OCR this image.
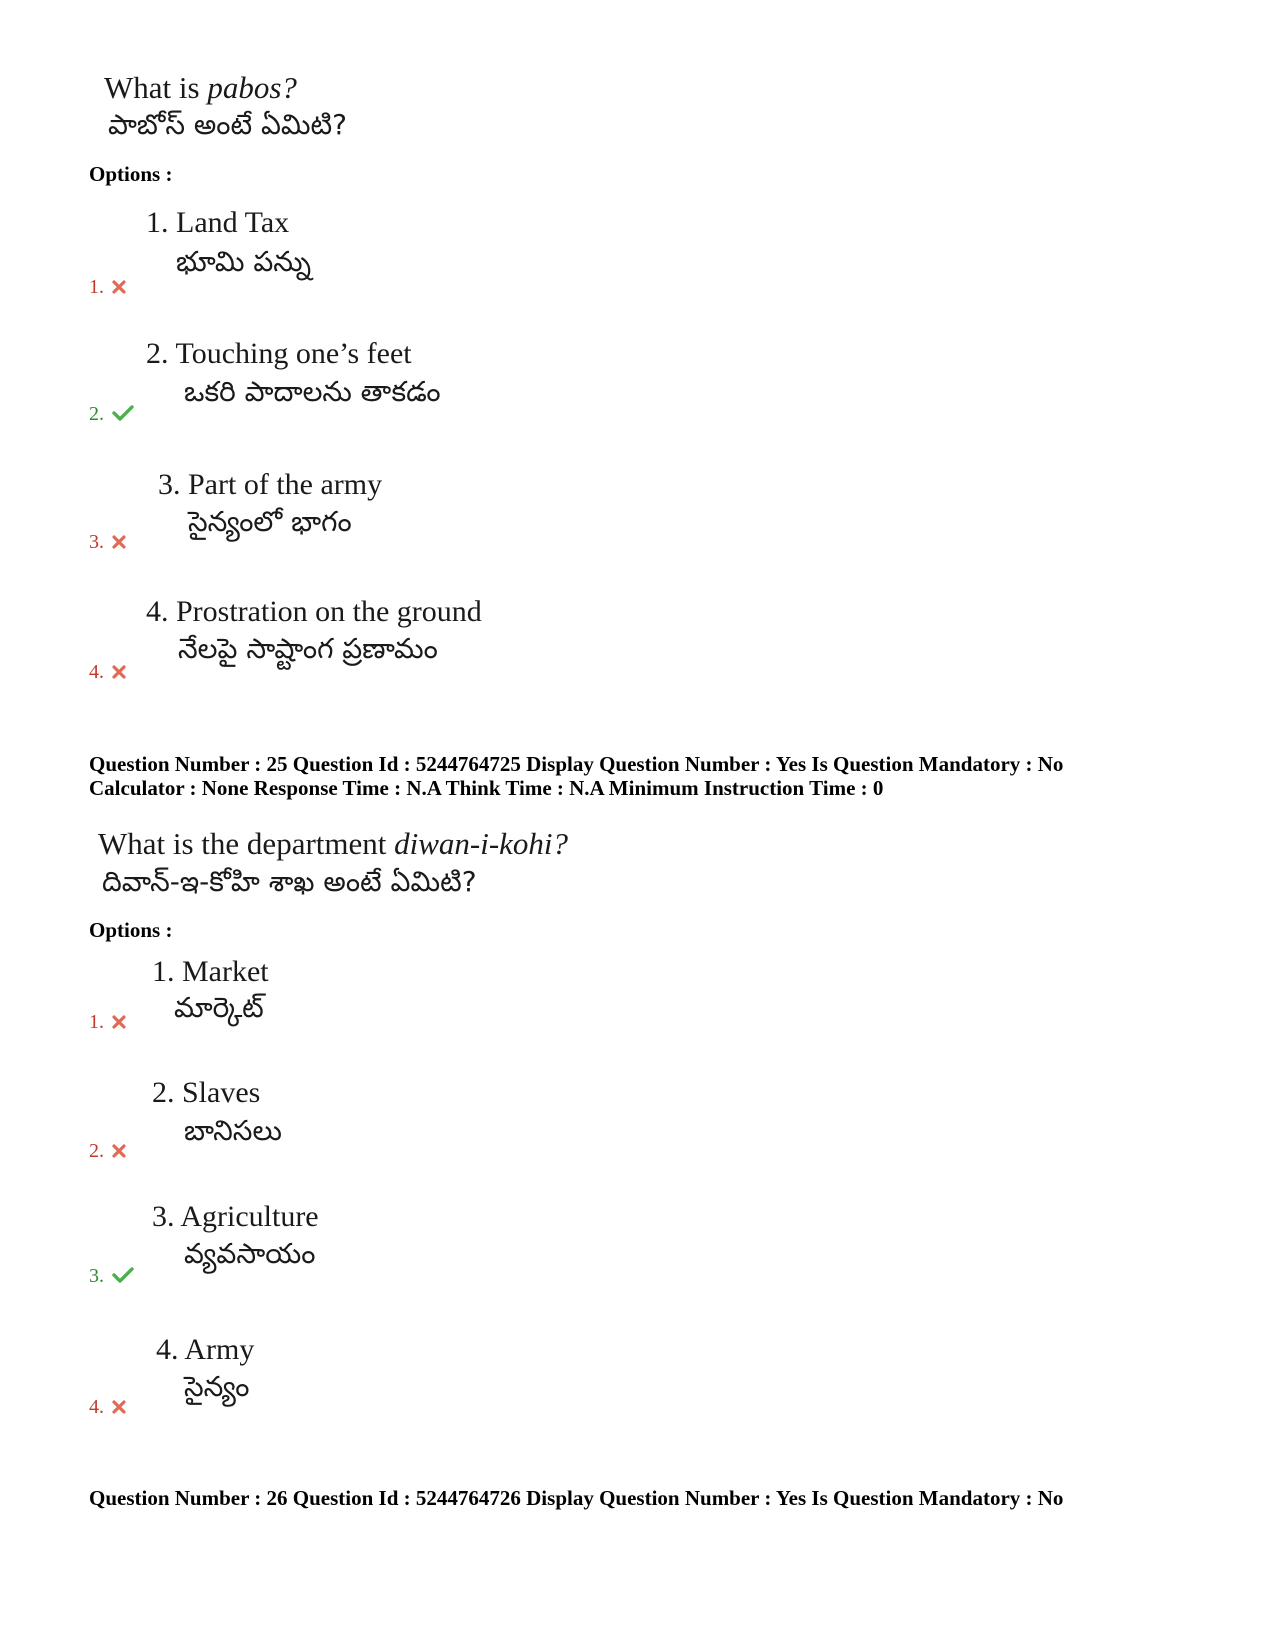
What is pabos?
పాబోస్ అంటే ఏమిటి?
Options :
1. Land Tax
భూమి పన్ను
1.
2. Touching one’s feet
ఒకరి పాదాలను తాకడం
2.
3. Part of the army
సైన్యంలో భాగం
3.
4. Prostration on the ground
నేలపై సాష్టాంగ ప్రణామం
4.
Question Number : 25 Question Id : 5244764725 Display Question Number : Yes Is Question Mandatory : No
Calculator : None Response Time : N.A Think Time : N.A Minimum Instruction Time : 0
What is the department diwan-i-kohi?
దివాన్-ఇ-కోహి శాఖ అంటే ఏమిటి?
Options :
1. Market
మార్కెట్
1.
2. Slaves
బానిసలు
2.
3. Agriculture
వ్యవసాయం
3.
4. Army
సైన్యం
4.
Question Number : 26 Question Id : 5244764726 Display Question Number : Yes Is Question Mandatory : No
